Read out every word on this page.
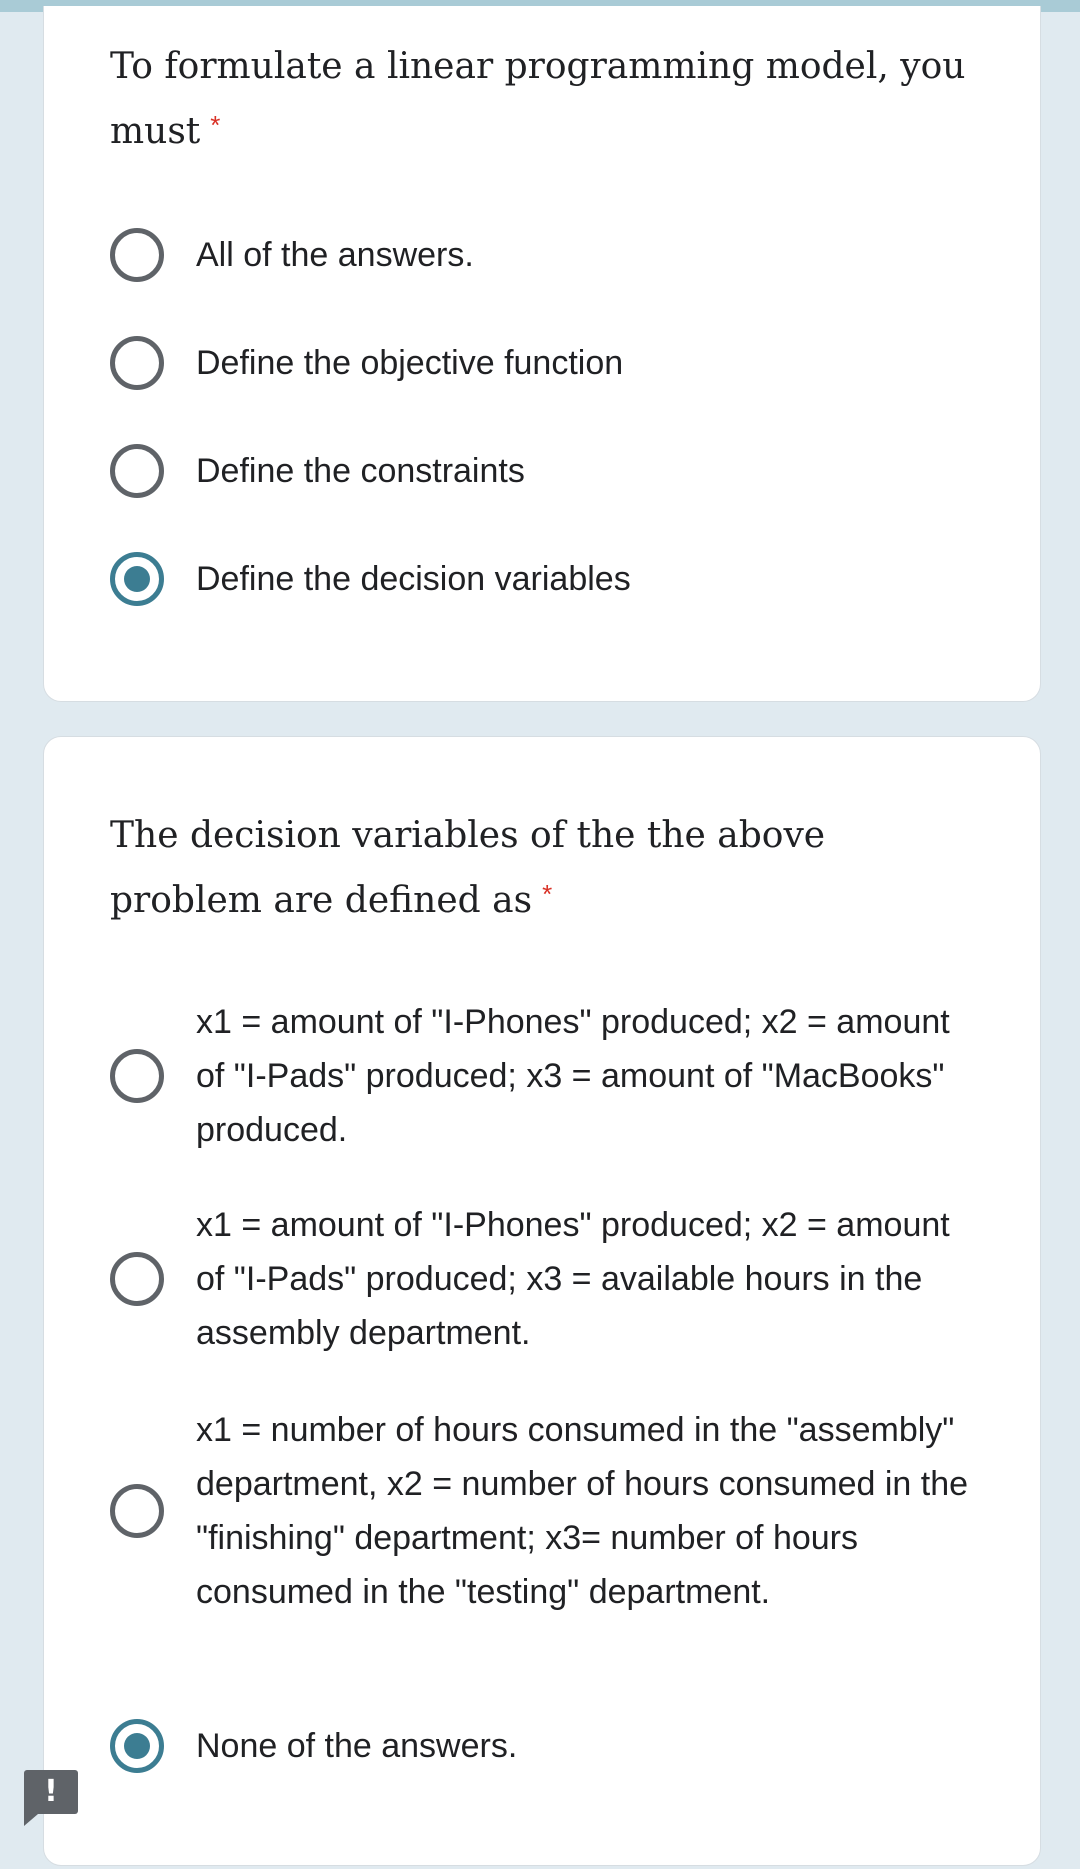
To formulate a linear programming model, you must *
All of the answers.
Define the objective function
Define the constraints
Define the decision variables
The decision variables of the the above problem are defined as *
x1 = amount of "I-Phones" produced; x2 = amount of "I-Pads" produced; x3 = amount of "MacBooks" produced.
x1 = amount of "I-Phones" produced; x2 = amount of "I-Pads" produced; x3 = available hours in the assembly department.
x1 = number of hours consumed in the "assembly" department, x2 = number of hours consumed in the "finishing" department; x3= number of hours consumed in the "testing" department.
None of the answers.
!
